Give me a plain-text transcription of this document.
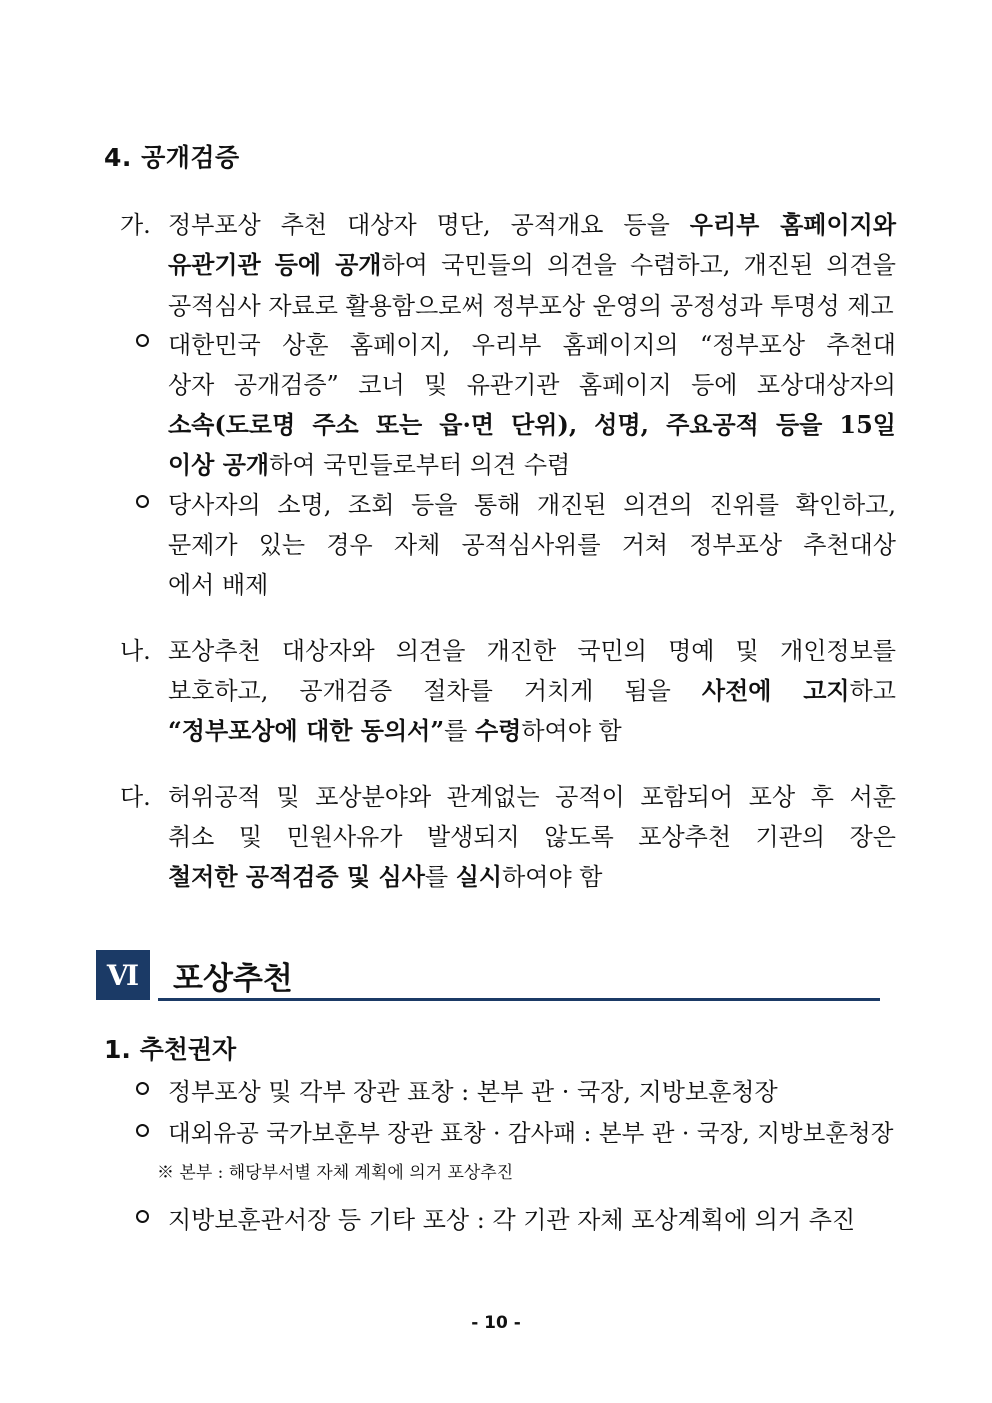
4. 공개검증
가. 정부포상 추천 대상자 명단, 공적개요 등을 우리부 홈페이지와
유관기관 등에 공개하여 국민들의 의견을 수렴하고, 개진된 의견을
공적심사 자료로 활용함으로써 정부포상 운영의 공정성과 투명성 제고
대한민국 상훈 홈페이지, 우리부 홈페이지의 “정부포상 추천대
상자 공개검증” 코너 및 유관기관 홈페이지 등에 포상대상자의
소속(도로명 주소 또는 읍·면 단위), 성명, 주요공적 등을 15일
이상 공개하여 국민들로부터 의견 수렴
당사자의 소명, 조회 등을 통해 개진된 의견의 진위를 확인하고,
문제가 있는 경우 자체 공적심사위를 거쳐 정부포상 추천대상
에서 배제
나. 포상추천 대상자와 의견을 개진한 국민의 명예 및 개인정보를
보호하고, 공개검증 절차를 거치게 됨을 사전에 고지하고
“정부포상에 대한 동의서”를 수령하여야 함
다. 허위공적 및 포상분야와 관계없는 공적이 포함되어 포상 후 서훈
취소 및 민원사유가 발생되지 않도록 포상추천 기관의 장은
철저한 공적검증 및 심사를 실시하여야 함
Ⅵ	포상추천
1. 추천권자
정부포상 및 각부 장관 표창 : 본부 관 · 국장, 지방보훈청장
대외유공 국가보훈부 장관 표창 · 감사패 : 본부 관 · 국장, 지방보훈청장
※ 본부 : 해당부서별 자체 계획에 의거 포상추진
지방보훈관서장 등 기타 포상 : 각 기관 자체 포상계획에 의거 추진
- 10 -
